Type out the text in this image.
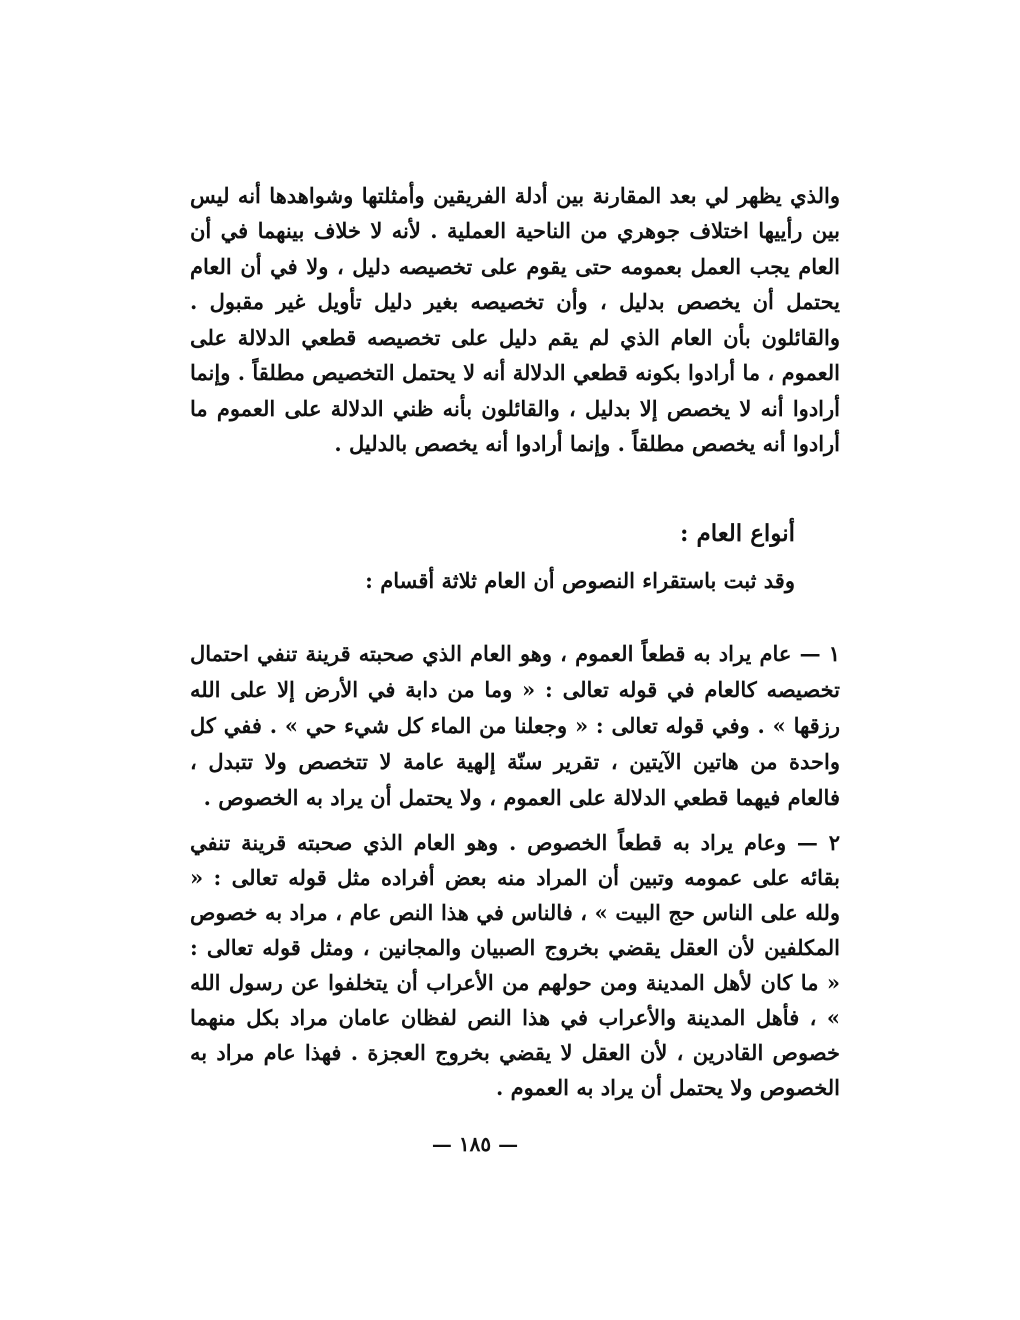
والذي يظهر لي بعد المقارنة بين أدلة الفريقين وأمثلتها وشواهدها أنه ليس بين رأييها اختلاف جوهري من الناحية العملية . لأنه لا خلاف بينهما في أن العام يجب العمل بعمومه حتى يقوم على تخصيصه دليل ، ولا في أن العام يحتمل أن يخصص بدليل ، وأن تخصيصه بغير دليل تأويل غير مقبول . والقائلون بأن العام الذي لم يقم دليل على تخصيصه قطعي الدلالة على العموم ، ما أرادوا بكونه قطعي الدلالة أنه لا يحتمل التخصيص مطلقاً . وإنما أرادوا أنه لا يخصص إلا بدليل ، والقائلون بأنه ظني الدلالة على العموم ما أرادوا أنه يخصص مطلقاً . وإنما أرادوا أنه يخصص بالدليل .

أنواع العام :
وقد ثبت باستقراء النصوص أن العام ثلاثة أقسام :

١ — عام يراد به قطعاً العموم ، وهو العام الذي صحبته قرينة تنفي احتمال تخصيصه كالعام في قوله تعالى : « وما من دابة في الأرض إلا على الله رزقها » . وفي قوله تعالى : « وجعلنا من الماء كل شيء حي » . ففي كل واحدة من هاتين الآيتين ، تقرير سنّة إلهية عامة لا تتخصص ولا تتبدل ، فالعام فيهما قطعي الدلالة على العموم ، ولا يحتمل أن يراد به الخصوص .

٢ — وعام يراد به قطعاً الخصوص . وهو العام الذي صحبته قرينة تنفي بقائه على عمومه وتبين أن المراد منه بعض أفراده مثل قوله تعالى : « ولله على الناس حج البيت » ، فالناس في هذا النص عام ، مراد به خصوص المكلفين لأن العقل يقضي بخروج الصبيان والمجانين ، ومثل قوله تعالى : « ما كان لأهل المدينة ومن حولهم من الأعراب أن يتخلفوا عن رسول الله » ، فأهل المدينة والأعراب في هذا النص لفظان عامان مراد بكل منهما خصوص القادرين ، لأن العقل لا يقضي بخروج العجزة . فهذا عام مراد به الخصوص ولا يحتمل أن يراد به العموم .

— ١٨٥ —
